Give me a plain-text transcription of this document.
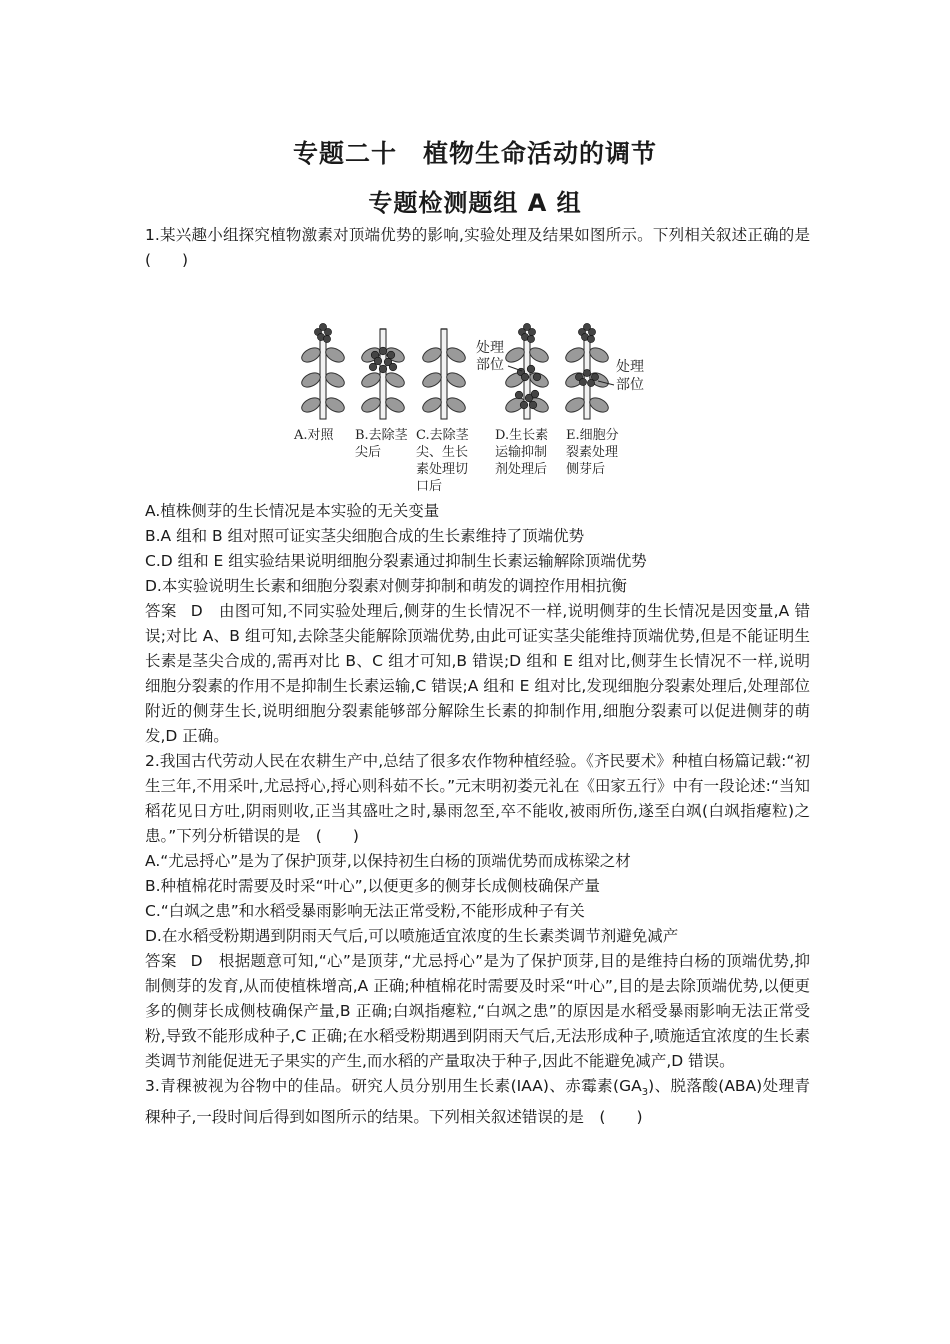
专题二十　植物生命活动的调节
专题检测题组 A 组

1.某兴趣小组探究植物激素对顶端优势的影响,实验处理及结果如图所示。下列相关叙述正确的是　(　　)

处理
部位	处理
部位
A.对照 B.去除茎
尖后
C.去除茎
尖、生长
素处理切
口后
D.生长素
运输抑制
剂处理后
E.细胞分
裂素处理
侧芽后

A.植株侧芽的生长情况是本实验的无关变量

B.A 组和 B 组对照可证实茎尖细胞合成的生长素维持了顶端优势

C.D 组和 E 组实验结果说明细胞分裂素通过抑制生长素运输解除顶端优势

D.本实验说明生长素和细胞分裂素对侧芽抑制和萌发的调控作用相抗衡

答案 D 由图可知,不同实验处理后,侧芽的生长情况不一样,说明侧芽的生长情况是因变量,A 错误;对比 A、B 组可知,去除茎尖能解除顶端优势,由此可证实茎尖能维持顶端优势,但是不能证明生长素是茎尖合成的,需再对比 B、C 组才可知,B 错误;D 组和 E 组对比,侧芽生长情况不一样,说明细胞分裂素的作用不是抑制生长素运输,C 错误;A 组和 E 组对比,发现细胞分裂素处理后,处理部位附近的侧芽生长,说明细胞分裂素能够部分解除生长素的抑制作用,细胞分裂素可以促进侧芽的萌发,D 正确。

2.我国古代劳动人民在农耕生产中,总结了很多农作物种植经验。《齐民要术》种植白杨篇记载:“初生三年,不用采叶,尤忌捋心,捋心则科茹不长。”元末明初娄元礼在《田家五行》中有一段论述:“当知稻花见日方吐,阴雨则收,正当其盛吐之时,暴雨忽至,卒不能收,被雨所伤,遂至白飒(白飒指瘪粒)之患。”下列分析错误的是　(　　)

A.“尤忌捋心”是为了保护顶芽,以保持初生白杨的顶端优势而成栋梁之材

B.种植棉花时需要及时采“叶心”,以便更多的侧芽长成侧枝确保产量

C.“白飒之患”和水稻受暴雨影响无法正常受粉,不能形成种子有关

D.在水稻受粉期遇到阴雨天气后,可以喷施适宜浓度的生长素类调节剂避免减产

答案 D 根据题意可知,“心”是顶芽,“尤忌捋心”是为了保护顶芽,目的是维持白杨的顶端优势,抑制侧芽的发育,从而使植株增高,A 正确;种植棉花时需要及时采“叶心”,目的是去除顶端优势,以便更多的侧芽长成侧枝确保产量,B 正确;白飒指瘪粒,“白飒之患”的原因是水稻受暴雨影响无法正常受粉,导致不能形成种子,C 正确;在水稻受粉期遇到阴雨天气后,无法形成种子,喷施适宜浓度的生长素类调节剂能促进无子果实的产生,而水稻的产量取决于种子,因此不能避免减产,D 错误。

3.青稞被视为谷物中的佳品。研究人员分别用生长素(IAA)、赤霉素$(GA_3)$、脱落酸(ABA)处理青稞种子,一段时间后得到如图所示的结果。下列相关叙述错误的是　(　　)
